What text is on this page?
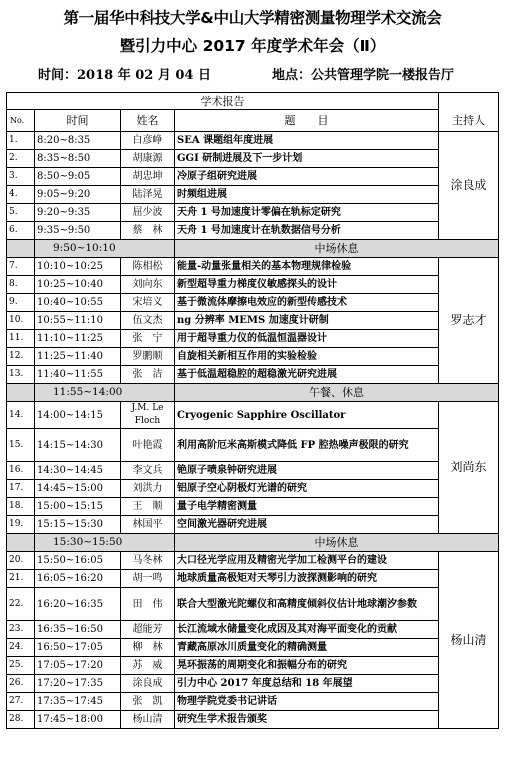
第一届华中科技大学&中山大学精密测量物理学术交流会
暨引力中心 2017 年度学术年会（Ⅱ）
时间：2018 年 02 月 04 日	地点：公共管理学院一楼报告厅
学术报告				
No.	时间	姓名	题　　目	主持人
1.	8:20~8:35	白彦峥	SEA 课题组年度进展	涂良成
2.	8:35~8:50	胡康源	GGI 研制进展及下一步计划	
3.	8:50~9:05	胡忠坤	冷原子组研究进展	
4.	9:05~9:20	陆泽晃	时频组进展	
5.	9:20~9:35	屈少波	天舟 1 号加速度计零偏在轨标定研究	
6.	9:35~9:50	蔡　林	天舟 1 号加速度计在轨数据信号分析	
	9:50~10:10		中场休息	
7.	10:10~10:25	陈相松	能量-动量张量相关的基本物理规律检验	罗志才
8.	10:25~10:40	刘向东	新型超导重力梯度仪敏感探头的设计	
9.	10:40~10:55	宋培义	基于微流体摩擦电效应的新型传感技术	
10.	10:55~11:10	伍文杰	ng 分辨率 MEMS 加速度计研制	
11.	11:10~11:25	张　宁	用于超导重力仪的低温恒温器设计	
12.	11:25~11:40	罗鹏顺	自旋相关新相互作用的实验检验	
13.	11:40~11:55	张　洁	基于低温超稳腔的超稳激光研究进展	
	11:55~14:00		午餐、休息	
14.	14:00~14:15	J.M. Le Floch	Cryogenic Sapphire Oscillator	刘尚东
15.	14:15~14:30	叶艳霞	利用高阶厄米高斯模式降低 FP 腔热噪声极限的研究	
16.	14:30~14:45	李文兵	铯原子喷泉钟研究进展	
17.	14:45~15:00	刘洪力	铝原子空心阴极灯光谱的研究	
18.	15:00~15:15	王　顺	量子电学精密测量	
19.	15:15~15:30	林国平	空间激光器研究进展	
	15:30~15:50		中场休息	
20.	15:50~16:05	马冬林	大口径光学应用及精密光学加工检测平台的建设	杨山清
21.	16:05~16:20	胡一鸣	地球质量高极矩对天琴引力波探测影响的研究	
22.	16:20~16:35	田　伟	联合大型激光陀螺仪和高精度倾斜仪估计地球潮汐参数	
23.	16:35~16:50	超能芳	长江流域水储量变化成因及其对海平面变化的贡献	
24.	16:50~17:05	柳　林	青藏高原冰川质量变化的精确测量	
25.	17:05~17:20	苏　威	晃环振荡的周期变化和振幅分布的研究	
26.	17:20~17:35	涂良成	引力中心 2017 年度总结和 18 年展望	
27.	17:35~17:45	张　凯	物理学院党委书记讲话	
28.	17:45~18:00	杨山清	研究生学术报告颁奖	
